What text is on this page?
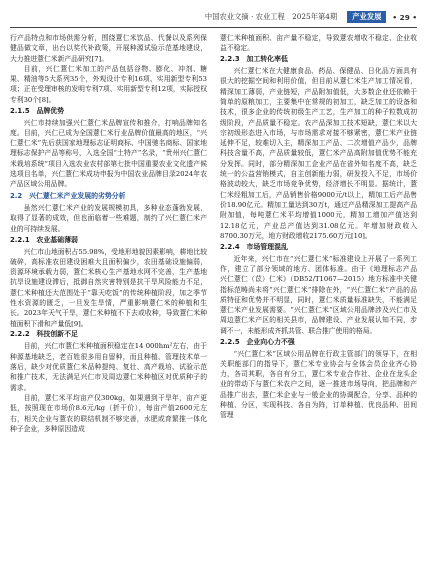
中国农业文摘 · 农业工程　2025年第4期	产业发展	• 29 •

行产品特点和市场供需分析，围绕薏仁米饮品、代餐以及系列保健品做文章，出台以奖代补政策，开展种源试验示范基地建设，大力推进薏仁米新产品研究[7]。

目前，兴仁薏仁米加工的产品包括谷物、膨化、冲剂、糖果、精油等5大系列35个，外观设计专利16项、实用新型专利53项；正在受理审核的发明专利7项、实用新型专利12项，实际授权专利30个[8]。

2.1.5　品牌优势

兴仁市持续加强兴仁薏仁米品牌宣传和推介，打响品牌知名度。目前，兴仁已成为全国薏仁米行业品牌价值最高的地区，“兴仁薏仁米”先后获国家地理标志证明商标、中国驰名商标、国家地理标志保护产品等称号，入选全国“土特产”名录，“贵州兴仁薏仁米栽培系统”项目入选农业农村部第七批中国重要农业文化遗产候选项目名单，兴仁薏仁米成功申报为中国农业品牌目录2024年农产品区域公用品牌。

2.2　兴仁薏仁米产业发展的劣势分析

虽然兴仁薏仁米产业的发展规模初具，多种业态蓬勃发展，取得了显著的成效，但也面临着一些难题，制约了兴仁薏仁米产业的可持续发展。

2.2.1　农业基础薄弱

兴仁市山地面积占55.98%，受地形地貌因素影响，耕地比较破碎，高标准农田建设困难大且面积偏少，农田基础设施偏弱，资源环境承载力弱，薏仁米核心生产基地水网不完善，生产基地抗旱设施建设滞后，抵御自然灾害特别是抗干旱风险能力不足，薏仁米种植还大范围处于“靠天吃饭”的传统种植阶段，加之季节性水资源的匮乏，一旦发生旱情，严重影响薏仁米的种植和生长。2023年天气干旱，薏仁米种植不下去或收种，导致薏仁米种植面积下滑和产量低[9]。

2.2.2　科技创新不足

目前，兴仁市薏仁米种植面积稳定在14 000hm²左右，由于种源基地缺乏，老百姓很多用自留种，而且种植、管理技术单一落后，缺少对优质薏仁米品种提纯、复壮、高产栽培、试验示范和推广技术，无法满足兴仁市及周边薏仁米种植区对优质种子的需求。

目前，薏仁米平均亩产仅300kg，如果遇到干旱年，亩产更低，按照现在市场价8.6元/kg（折干价），每亩产值2600元左右，相关企业与薏农的联结机制不够完善，水肥或育繁推一体化种子企业，多种原因造成

薏仁米种植面积、亩产量不稳定，导致薏农增收不稳定、企业收益不稳定。

2.2.3　加工转化率低

兴仁薏仁米在大健康食品、药品、保健品、日化品方面具有很大的挖掘空间和利用价值，但目前从薏仁米生产加工情况看，精深加工薄弱，产业链短，产品附加值低，大多数企业还依赖于简单的原粮加工，主要集中在常规的初加工，缺乏加工的设备和技术，很多企业的传统初级生产工艺，生产加工的种子粒数成初级阶段，产品质量不稳定。农产品深加工技术短缺，薏仁米以大宗初级形态进入市场，与市场需求对接不够紧密，薏仁米产业链延伸不足，较难切入主，精深加工产品、二次增值产品少，品牌科技含量不高，产品质量较低，薏仁米产品高附加值优势不能充分发挥。同时，部分精深加工企业产品在省外知名度不高，缺乏统一的公益营销模式，自主创新能力弱，研发投入不足，市场价格波动较大，缺乏市场竞争优势，经济增长不明显。据统计，薏仁米经粗加工后，产品销售价格9000元/t以上，精加工后产品售价18.90亿元。精加工量达到30万t，通过产品精深加工提高产品附加值，每吨薏仁米平均增值1000元，精加工增加产值达到12.18亿元，产业总产值达到31.08亿元。年增加财政收入8700.30万元，地方财政增收2175.60万元[10]。

2.2.4　市场管理混乱

近年来，兴仁市在“兴仁薏仁米”标准建设上开展了一系列工作，建立了部分领域的地方、团体标准。由于《地理标志产品　兴仁薏仁（苡）仁米》（DB52/T1067—2015）地方标准中关键指标范畴尚未将“兴仁薏仁米”排除在外，“兴仁薏仁米”产品的品质特征和优势并不明显，同时，薏仁米质量标准缺失，不能满足薏仁米产业发展需要。“兴仁薏仁米”区域公用品牌涉及兴仁市及周边薏仁米产区的相关县市，品牌建设、产业发展认知不同，步调不一，未能形成齐抓共管、联合推广使用的格局。

2.2.5　企业向心力不强

“兴仁薏仁米”区域公用品牌在行政主管部门的领导下，在相关职能部门的指导下，薏仁米专业协会与全体会员企业齐心协力，各司其职，各自有分工，薏仁米专业合作社、企业在龙头企业的带动下与薏仁米农户之间，逐一推进市场导向，把品牌和产品推广出去，薏仁米企业与一般企业的协调配合，分享、品种的种植、分区，实现科技、各自为阵，订单种植、优良品种、田间管理
